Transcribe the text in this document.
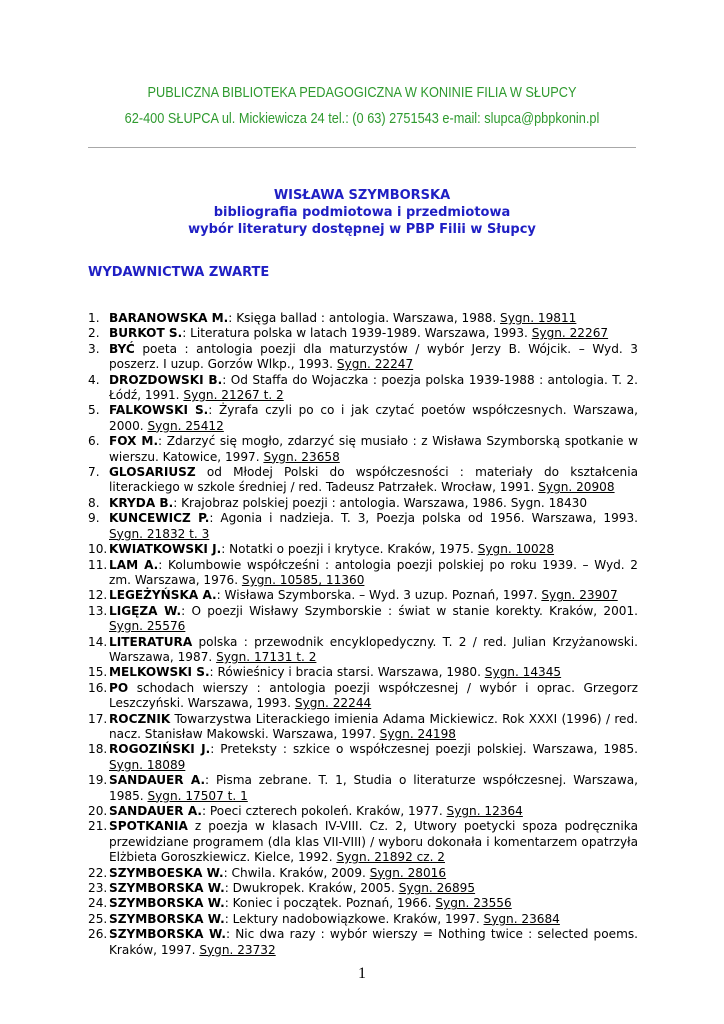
PUBLICZNA BIBLIOTEKA PEDAGOGICZNA W KONINIE FILIA W SŁUPCY
62-400 SŁUPCA ul. Mickiewicza 24 tel.: (0 63) 2751543 e-mail: slupca@pbpkonin.pl
WISŁAWA SZYMBORSKA
bibliografia podmiotowa i przedmiotowa
wybór literatury dostępnej w PBP Filii w Słupcy
WYDAWNICTWA ZWARTE
1. BARANOWSKA M.: Księga ballad : antologia. Warszawa, 1988. Sygn. 19811
2. BURKOT S.: Literatura polska w latach 1939-1989. Warszawa, 1993. Sygn. 22267
3. BYĆ poeta : antologia poezji dla maturzystów / wybór Jerzy B. Wójcik. – Wyd. 3 poszerz. I uzup. Gorzów Wlkp., 1993. Sygn. 22247
4. DROZDOWSKI B.: Od Staffa do Wojaczka : poezja polska 1939-1988 : antologia. T. 2. Łódź, 1991. Sygn. 21267 t. 2
5. FALKOWSKI S.: Żyrafa czyli po co i jak czytać poetów współczesnych. Warszawa, 2000. Sygn. 25412
6. FOX M.: Zdarzyć się mogło, zdarzyć się musiało : z Wisława Szymborską spotkanie w wierszu. Katowice, 1997. Sygn. 23658
7. GLOSARIUSZ od Młodej Polski do współczesności : materiały do kształcenia literackiego w szkole średniej / red. Tadeusz Patrzałek. Wrocław, 1991. Sygn. 20908
8. KRYDA B.: Krajobraz polskiej poezji : antologia. Warszawa, 1986. Sygn. 18430
9. KUNCEWICZ P.: Agonia i nadzieja. T. 3, Poezja polska od 1956. Warszawa, 1993. Sygn. 21832 t. 3
10. KWIATKOWSKI J.: Notatki o poezji i krytyce. Kraków, 1975. Sygn. 10028
11. LAM A.: Kolumbowie współcześni : antologia poezji polskiej po roku 1939. – Wyd. 2 zm. Warszawa, 1976. Sygn. 10585, 11360
12. LEGEŻYŃSKA A.: Wisława Szymborska. – Wyd. 3 uzup. Poznań, 1997. Sygn. 23907
13. LIGĘZA W.: O poezji Wisławy Szymborskie : świat w stanie korekty. Kraków, 2001. Sygn. 25576
14. LITERATURA polska : przewodnik encyklopedyczny. T. 2 / red. Julian Krzyżanowski. Warszawa, 1987. Sygn. 17131 t. 2
15. MELKOWSKI S.: Rówieśnicy i bracia starsi. Warszawa, 1980. Sygn. 14345
16. PO schodach wierszy : antologia poezji współczesnej / wybór i oprac. Grzegorz Leszczyński. Warszawa, 1993. Sygn. 22244
17. ROCZNIK Towarzystwa Literackiego imienia Adama Mickiewicz. Rok XXXI (1996) / red. nacz. Stanisław Makowski. Warszawa, 1997. Sygn. 24198
18. ROGOZIŃSKI J.: Preteksty : szkice o współczesnej poezji polskiej. Warszawa, 1985. Sygn. 18089
19. SANDAUER A.: Pisma zebrane. T. 1, Studia o literaturze współczesnej. Warszawa, 1985. Sygn. 17507 t. 1
20. SANDAUER A.: Poeci czterech pokoleń. Kraków, 1977. Sygn. 12364
21. SPOTKANIA z poezja w klasach IV-VIII. Cz. 2, Utwory poetycki spoza podręcznika przewidziane programem (dla klas VII-VIII) / wyboru dokonała i komentarzem opatrzyła Elżbieta Goroszkiewicz. Kielce, 1992. Sygn. 21892 cz. 2
22. SZYMBOESKA W.: Chwila. Kraków, 2009. Sygn. 28016
23. SZYMBORSKA W.: Dwukropek. Kraków, 2005. Sygn. 26895
24. SZYMBORSKA W.: Koniec i początek. Poznań, 1966. Sygn. 23556
25. SZYMBORSKA W.: Lektury nadobowiązkowe. Kraków, 1997. Sygn. 23684
26. SZYMBORSKA W.: Nic dwa razy : wybór wierszy = Nothing twice : selected poems. Kraków, 1997. Sygn. 23732
1
